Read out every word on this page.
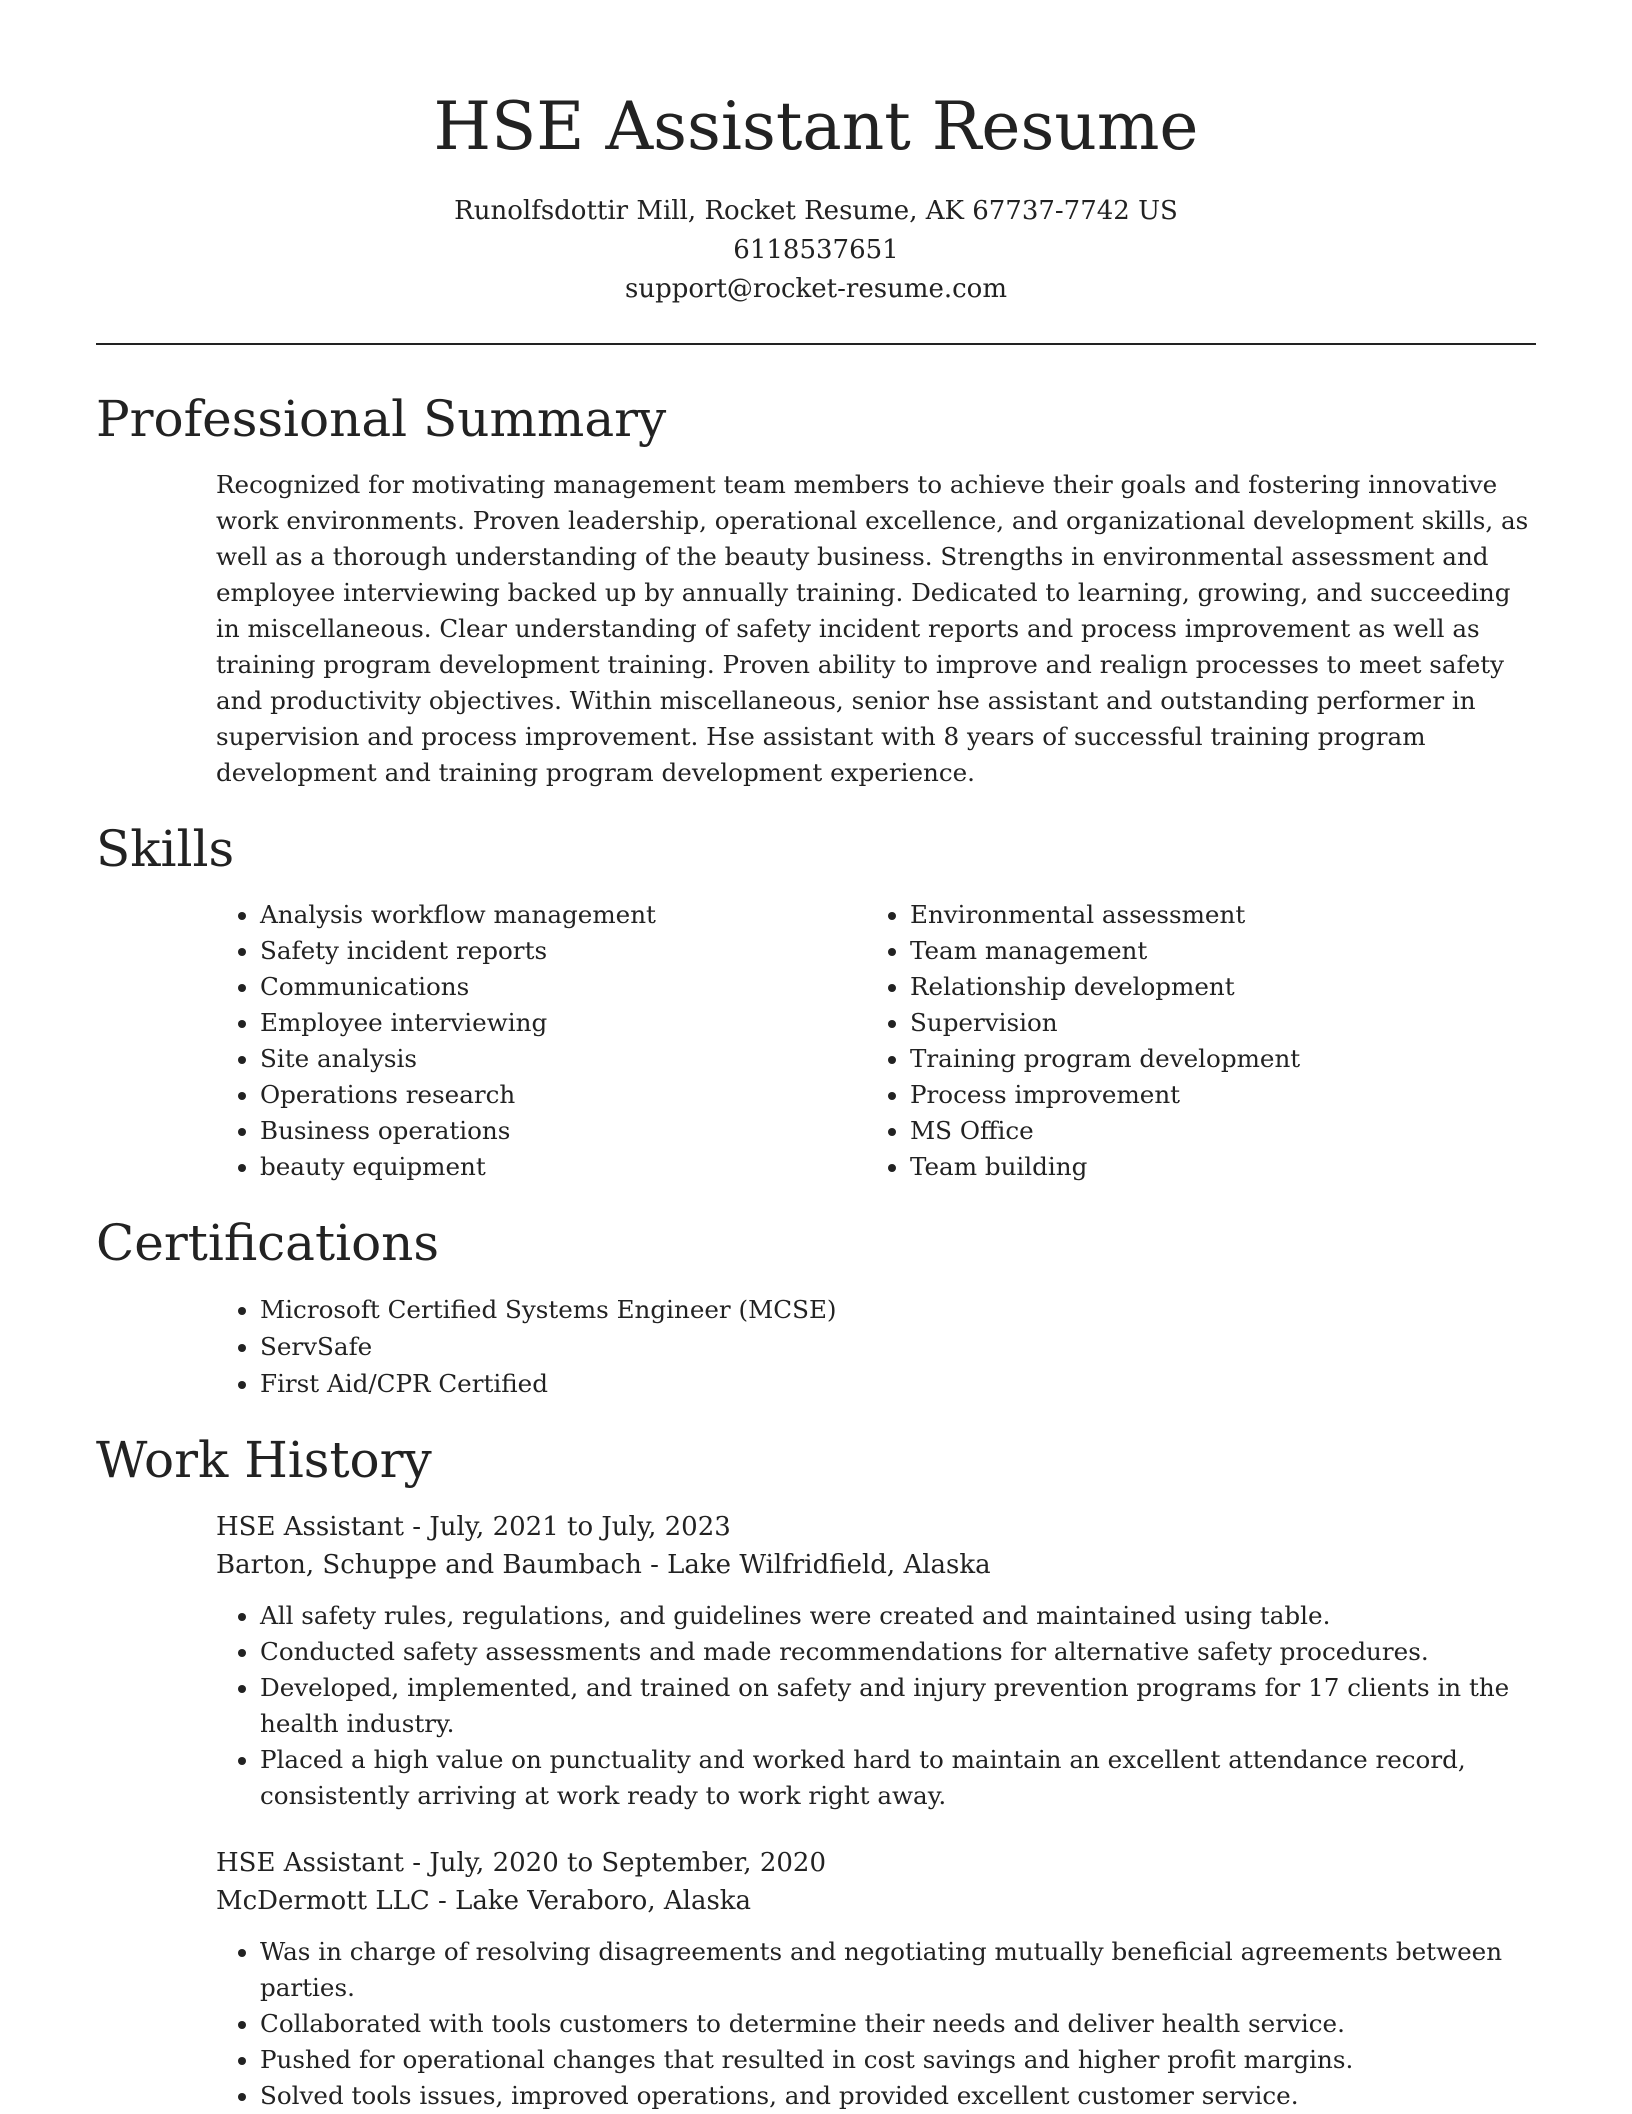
HSE Assistant Resume
Runolfsdottir Mill, Rocket Resume, AK 67737-7742 US
6118537651
support@rocket-resume.com
Professional Summary

Recognized for motivating management team members to achieve their goals and fostering innovative work environments. Proven leadership, operational excellence, and organizational development skills, as well as a thorough understanding of the beauty business. Strengths in environmental assessment and employee interviewing backed up by annually training. Dedicated to learning, growing, and succeeding in miscellaneous. Clear understanding of safety incident reports and process improvement as well as training program development training. Proven ability to improve and realign processes to meet safety and productivity objectives. Within miscellaneous, senior hse assistant and outstanding performer in supervision and process improvement. Hse assistant with 8 years of successful training program development and training program development experience.

Skills
• Analysis workflow management
• Safety incident reports
• Communications
• Employee interviewing
• Site analysis
• Operations research
• Business operations
• beauty equipment
• Environmental assessment
• Team management
• Relationship development
• Supervision
• Training program development
• Process improvement
• MS Office
• Team building
Certifications
• Microsoft Certified Systems Engineer (MCSE)
• ServSafe
• First Aid/CPR Certified
Work History
HSE Assistant - July, 2021 to July, 2023
Barton, Schuppe and Baumbach - Lake Wilfridfield, Alaska
• All safety rules, regulations, and guidelines were created and maintained using table.
• Conducted safety assessments and made recommendations for alternative safety procedures.
• Developed, implemented, and trained on safety and injury prevention programs for 17 clients in the health industry.
• Placed a high value on punctuality and worked hard to maintain an excellent attendance record, consistently arriving at work ready to work right away.
HSE Assistant - July, 2020 to September, 2020
McDermott LLC - Lake Veraboro, Alaska
• Was in charge of resolving disagreements and negotiating mutually beneficial agreements between parties.
• Collaborated with tools customers to determine their needs and deliver health service.
• Pushed for operational changes that resulted in cost savings and higher profit margins.
• Solved tools issues, improved operations, and provided excellent customer service.
